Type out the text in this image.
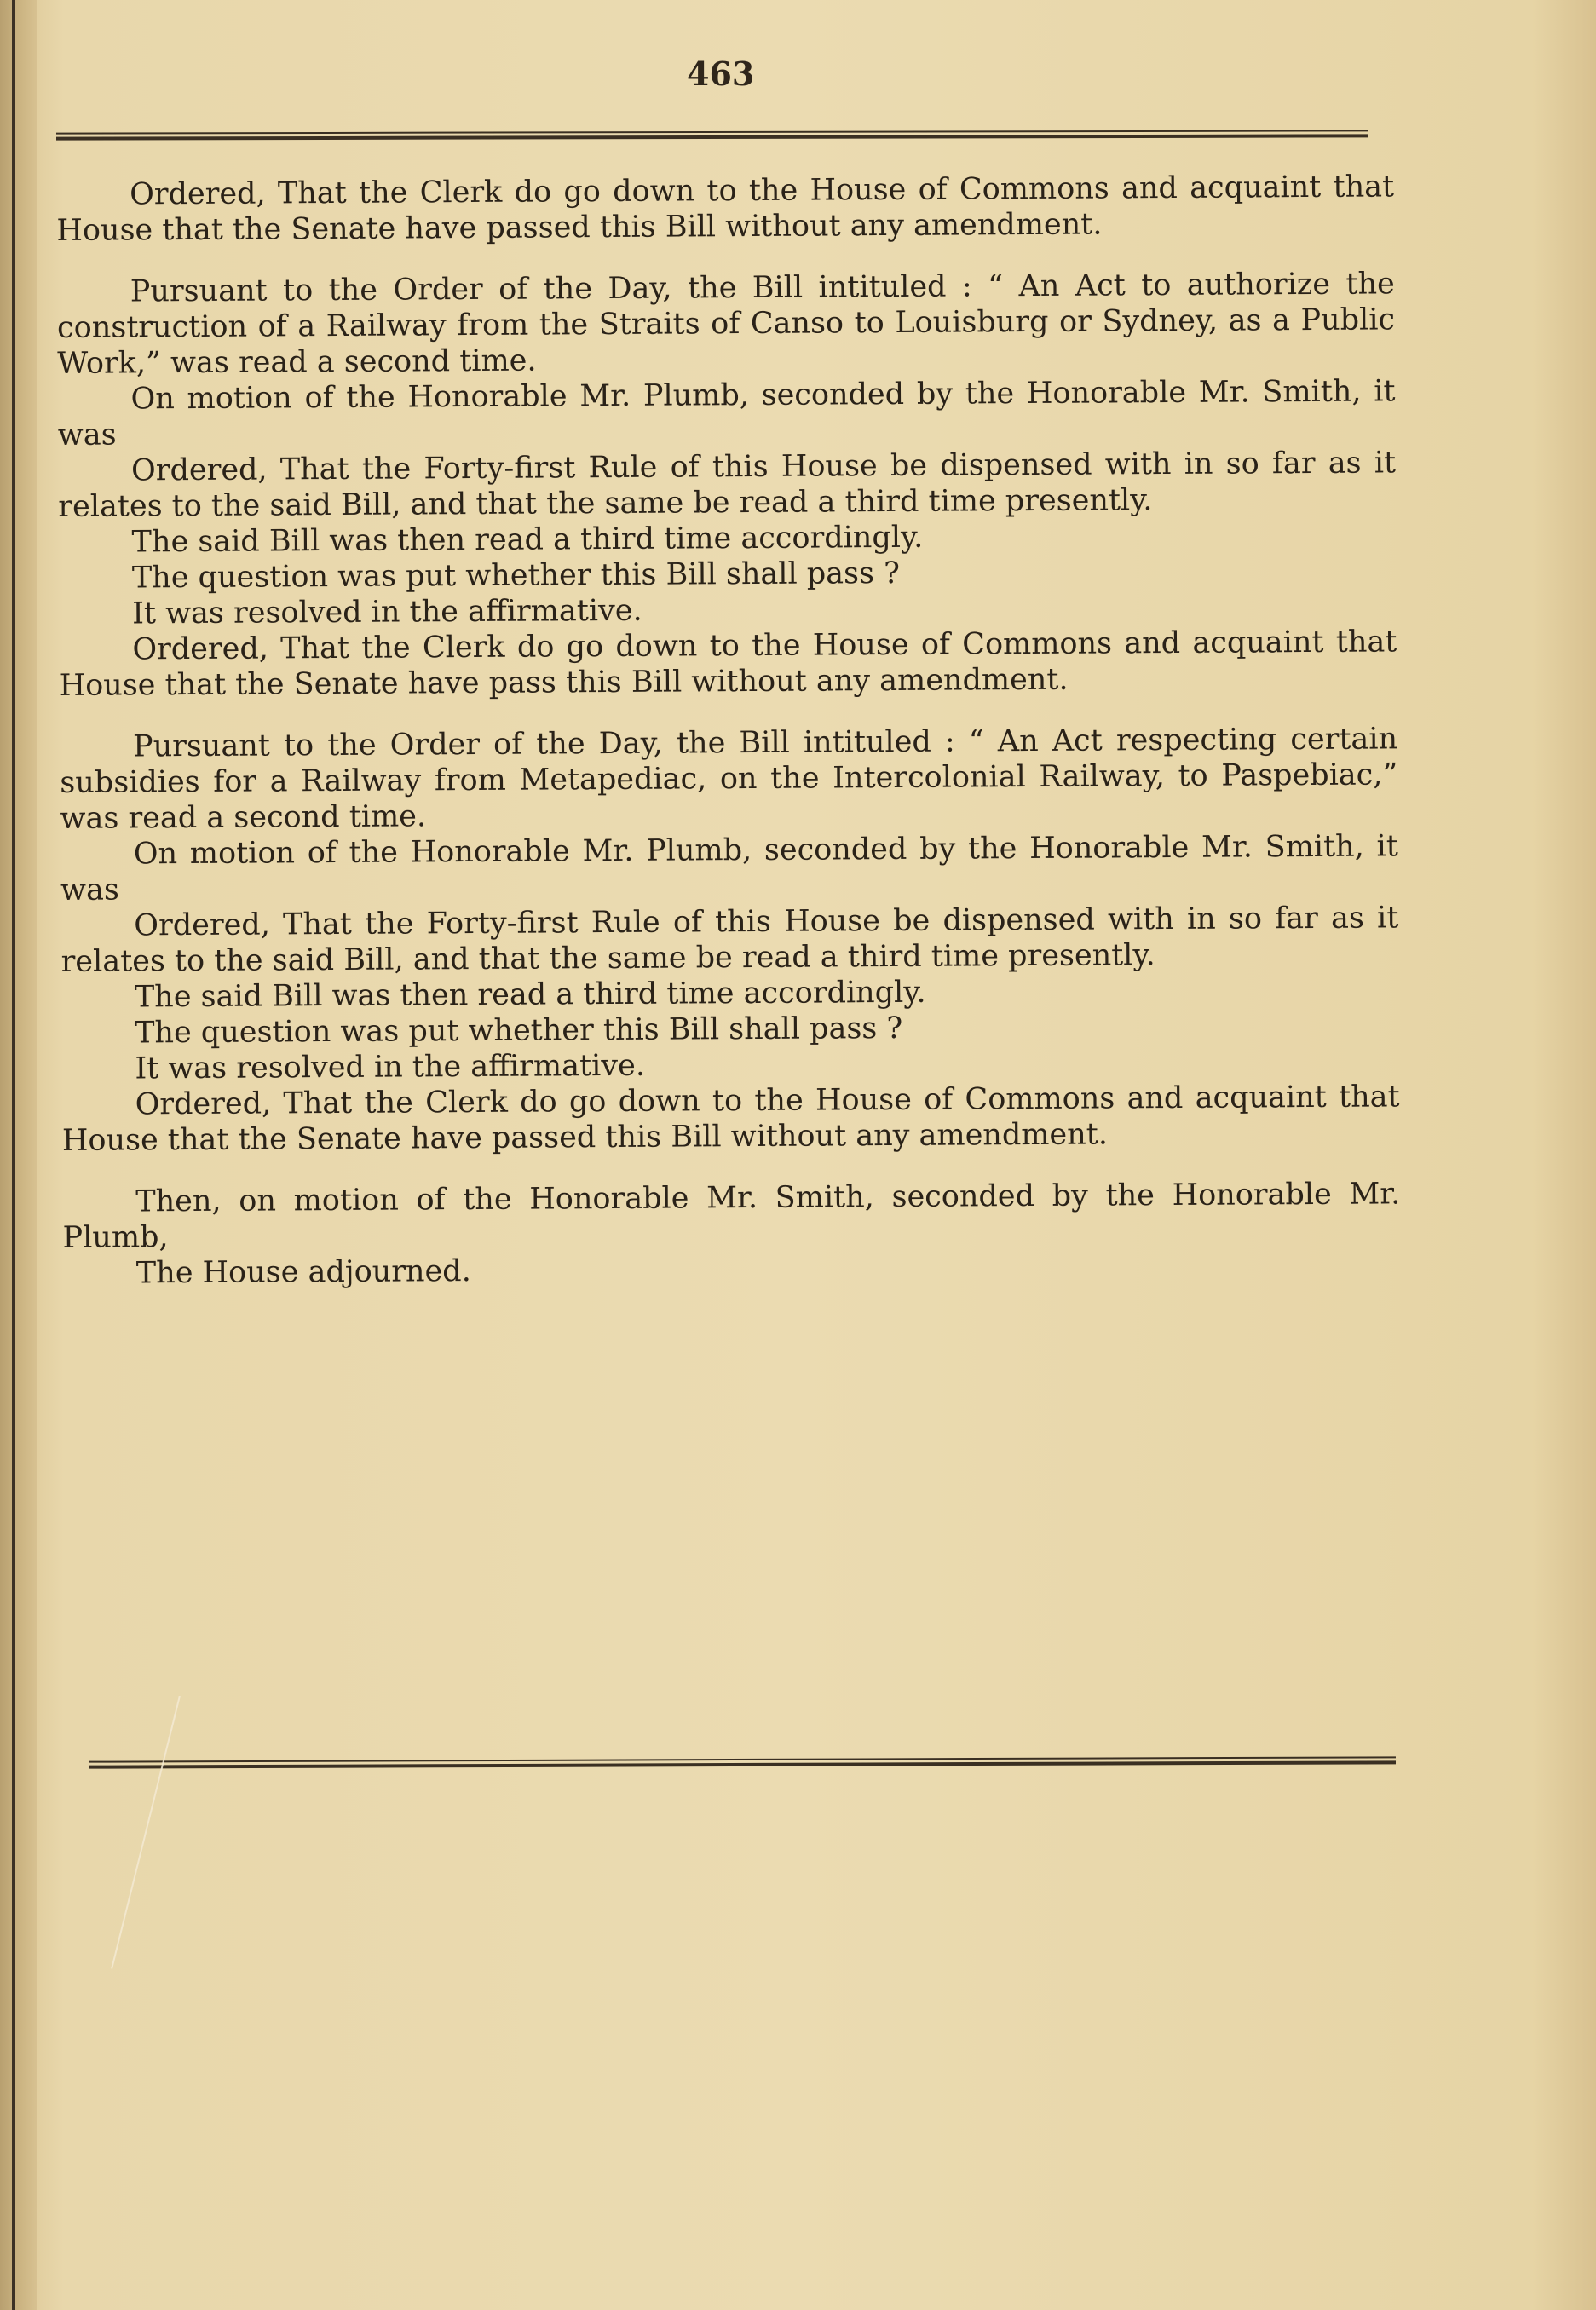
463

Ordered, That the Clerk do go down to the House of Commons and acquaint that House that the Senate have passed this Bill without any amendment.

Pursuant to the Order of the Day, the Bill intituled : “ An Act to authorize the construction of a Railway from the Straits of Canso to Louisburg or Sydney, as a Public Work,” was read a second time.

On motion of the Honorable Mr. Plumb, seconded by the Honorable Mr. Smith, it was

Ordered, That the Forty-first Rule of this House be dispensed with in so far as it relates to the said Bill, and that the same be read a third time presently.

The said Bill was then read a third time accordingly.

The question was put whether this Bill shall pass ?

It was resolved in the affirmative.

Ordered, That the Clerk do go down to the House of Commons and acquaint that House that the Senate have pass this Bill without any amendment.

Pursuant to the Order of the Day, the Bill intituled : “ An Act respecting certain subsidies for a Railway from Metapediac, on the Intercolonial Railway, to Paspebiac,” was read a second time.

On motion of the Honorable Mr. Plumb, seconded by the Honorable Mr. Smith, it was

Ordered, That the Forty-first Rule of this House be dispensed with in so far as it relates to the said Bill, and that the same be read a third time presently.

The said Bill was then read a third time accordingly.

The question was put whether this Bill shall pass ?

It was resolved in the affirmative.

Ordered, That the Clerk do go down to the House of Commons and acquaint that House that the Senate have passed this Bill without any amendment.

Then, on motion of the Honorable Mr. Smith, seconded by the Honorable Mr. Plumb,

The House adjourned.
